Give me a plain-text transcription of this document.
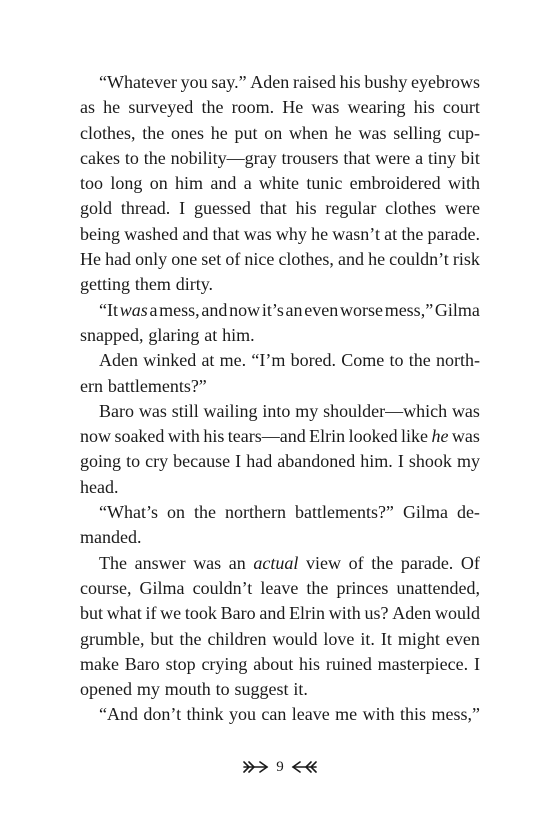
“Whatever you say.” Aden raised his bushy eyebrows
as he surveyed the room. He was wearing his court
clothes, the ones he put on when he was selling cup-
cakes to the nobility—gray trousers that were a tiny bit
too long on him and a white tunic embroidered with
gold thread. I guessed that his regular clothes were
being washed and that was why he wasn’t at the parade.
He had only one set of nice clothes, and he couldn’t risk
getting them dirty.
“It was a mess, and now it’s an even worse mess,” Gilma
snapped, glaring at him.
Aden winked at me. “I’m bored. Come to the north-
ern battlements?”
Baro was still wailing into my shoulder—which was
now soaked with his tears—and Elrin looked like he was
going to cry because I had abandoned him. I shook my
head.
“What’s on the northern battlements?” Gilma de-
manded.
The answer was an actual view of the parade. Of
course, Gilma couldn’t leave the princes unattended,
but what if we took Baro and Elrin with us? Aden would
grumble, but the children would love it. It might even
make Baro stop crying about his ruined masterpiece. I
opened my mouth to suggest it.
“And don’t think you can leave me with this mess,”
9
